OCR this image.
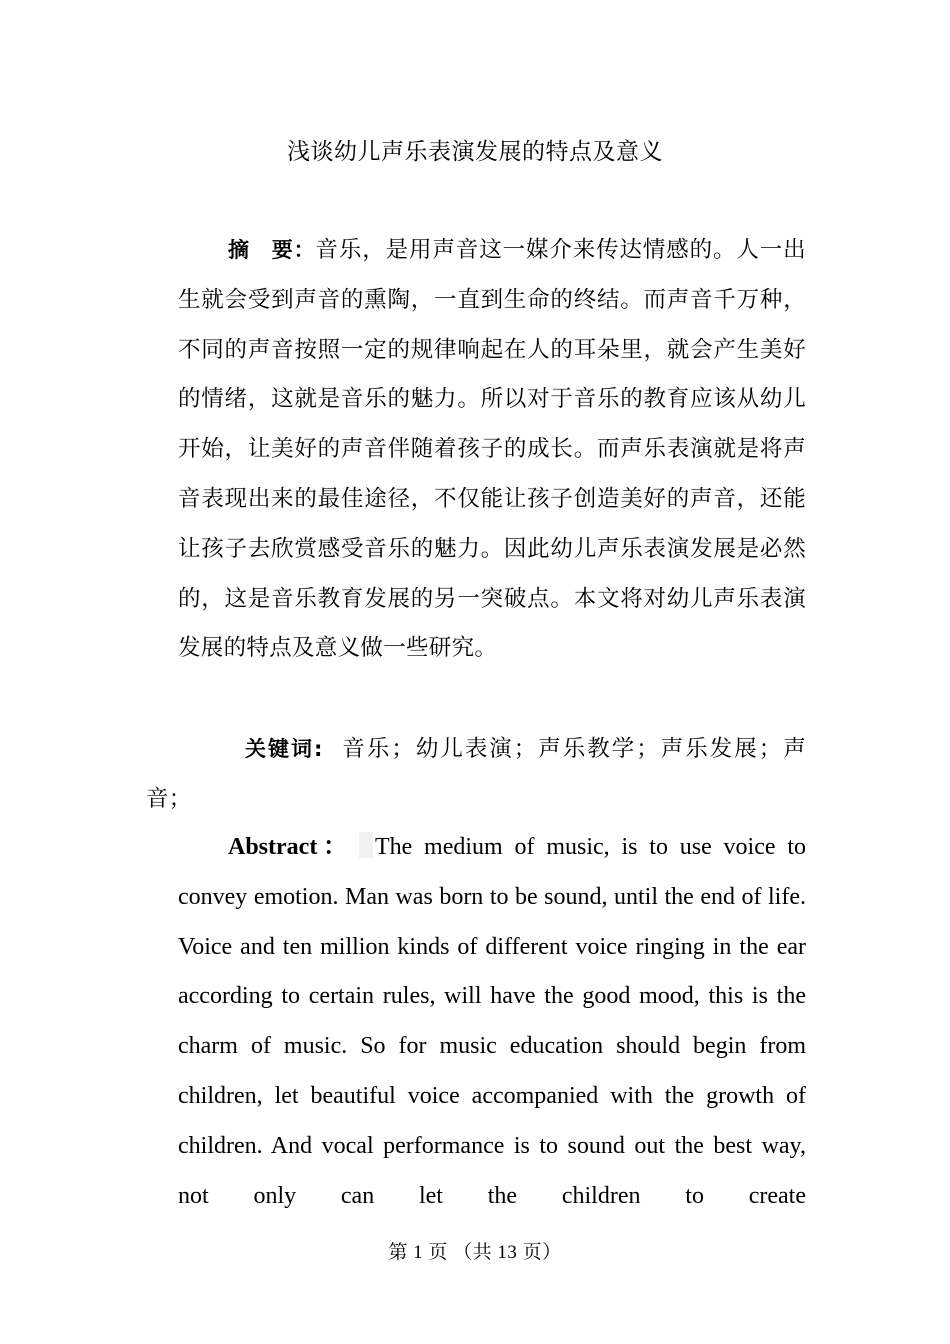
浅谈幼儿声乐表演发展的特点及意义
摘　要：音乐，是用声音这一媒介来传达情感的。人一出生就会受到声音的熏陶，一直到生命的终结。而声音千万种，不同的声音按照一定的规律响起在人的耳朵里，就会产生美好的情绪，这就是音乐的魅力。所以对于音乐的教育应该从幼儿开始，让美好的声音伴随着孩子的成长。而声乐表演就是将声音表现出来的最佳途径，不仅能让孩子创造美好的声音，还能让孩子去欣赏感受音乐的魅力。因此幼儿声乐表演发展是必然的，这是音乐教育发展的另一突破点。本文将对幼儿声乐表演发展的特点及意义做一些研究。
关键词: 音乐；幼儿表演；声乐教学；声乐发展；声音；
Abstract： The medium of music, is to use voice to convey emotion. Man was born to be sound, until the end of life. Voice and ten million kinds of different voice ringing in the ear according to certain rules, will have the good mood, this is the charm of music. So for music education should begin from children, let beautiful voice accompanied with the growth of children. And vocal performance is to sound out the best way, not only can let the children to create
第 1 页 （共 13 页）
